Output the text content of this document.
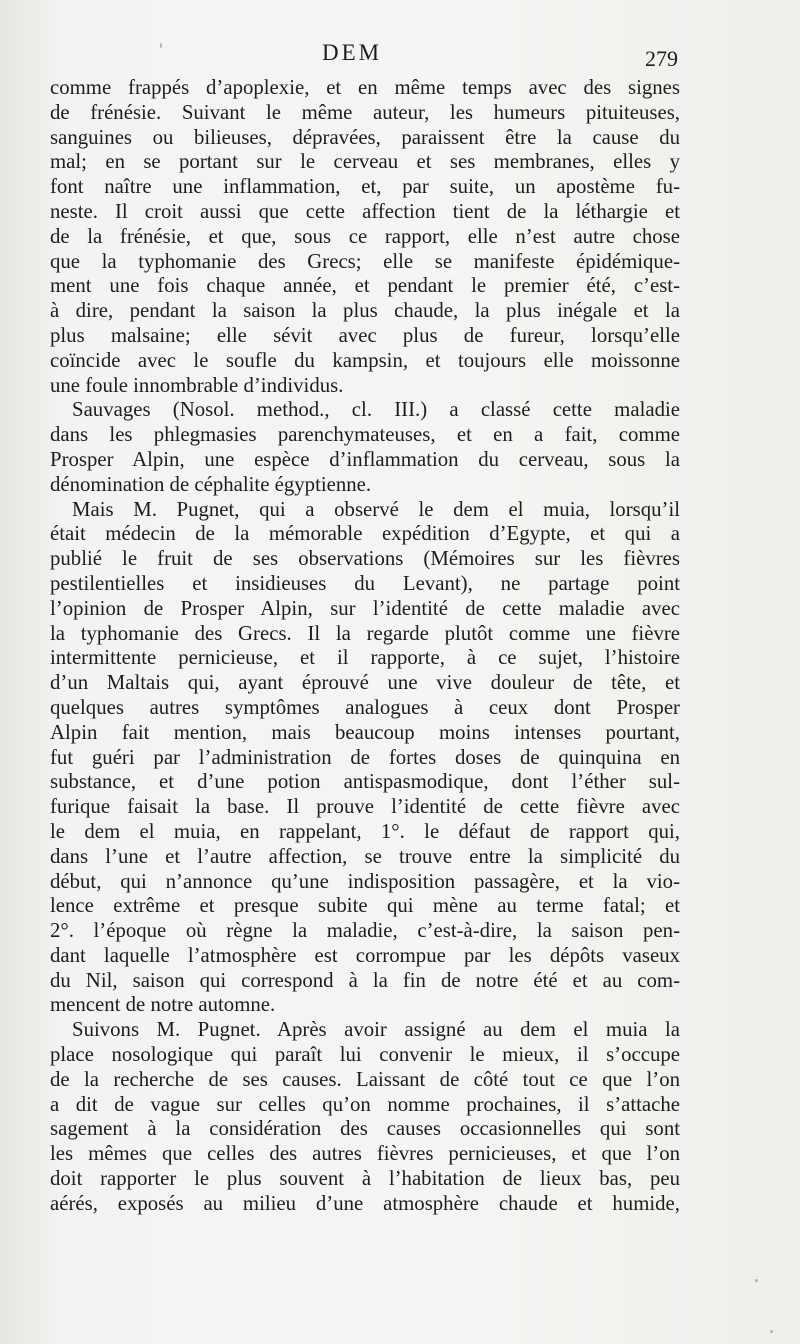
DEM	279
comme frappés d’apoplexie, et en même temps avec des signes
de frénésie. Suivant le même auteur, les humeurs pituiteuses,
sanguines ou bilieuses, dépravées, paraissent être la cause du
mal; en se portant sur le cerveau et ses membranes, elles y
font naître une inflammation, et, par suite, un apostème fu-
neste. Il croit aussi que cette affection tient de la léthargie et
de la frénésie, et que, sous ce rapport, elle n’est autre chose
que la typhomanie des Grecs; elle se manifeste épidémique-
ment une fois chaque année, et pendant le premier été, c’est-
à dire, pendant la saison la plus chaude, la plus inégale et la
plus malsaine; elle sévit avec plus de fureur, lorsqu’elle
coïncide avec le soufle du kampsin, et toujours elle moissonne
une foule innombrable d’individus.
Sauvages (Nosol. method., cl. III.) a classé cette maladie
dans les phlegmasies parenchymateuses, et en a fait, comme
Prosper Alpin, une espèce d’inflammation du cerveau, sous la
dénomination de céphalite égyptienne.
Mais M. Pugnet, qui a observé le dem el muia, lorsqu’il
était médecin de la mémorable expédition d’Egypte, et qui a
publié le fruit de ses observations (Mémoires sur les fièvres
pestilentielles et insidieuses du Levant), ne partage point
l’opinion de Prosper Alpin, sur l’identité de cette maladie avec
la typhomanie des Grecs. Il la regarde plutôt comme une fièvre
intermittente pernicieuse, et il rapporte, à ce sujet, l’histoire
d’un Maltais qui, ayant éprouvé une vive douleur de tête, et
quelques autres symptômes analogues à ceux dont Prosper
Alpin fait mention, mais beaucoup moins intenses pourtant,
fut guéri par l’administration de fortes doses de quinquina en
substance, et d’une potion antispasmodique, dont l’éther sul-
furique faisait la base. Il prouve l’identité de cette fièvre avec
le dem el muia, en rappelant, 1°. le défaut de rapport qui,
dans l’une et l’autre affection, se trouve entre la simplicité du
début, qui n’annonce qu’une indisposition passagère, et la vio-
lence extrême et presque subite qui mène au terme fatal; et
2°. l’époque où règne la maladie, c’est-à-dire, la saison pen-
dant laquelle l’atmosphère est corrompue par les dépôts vaseux
du Nil, saison qui correspond à la fin de notre été et au com-
mencent de notre automne.
Suivons M. Pugnet. Après avoir assigné au dem el muia la
place nosologique qui paraît lui convenir le mieux, il s’occupe
de la recherche de ses causes. Laissant de côté tout ce que l’on
a dit de vague sur celles qu’on nomme prochaines, il s’attache
sagement à la considération des causes occasionnelles qui sont
les mêmes que celles des autres fièvres pernicieuses, et que l’on
doit rapporter le plus souvent à l’habitation de lieux bas, peu
aérés, exposés au milieu d’une atmosphère chaude et humide,
